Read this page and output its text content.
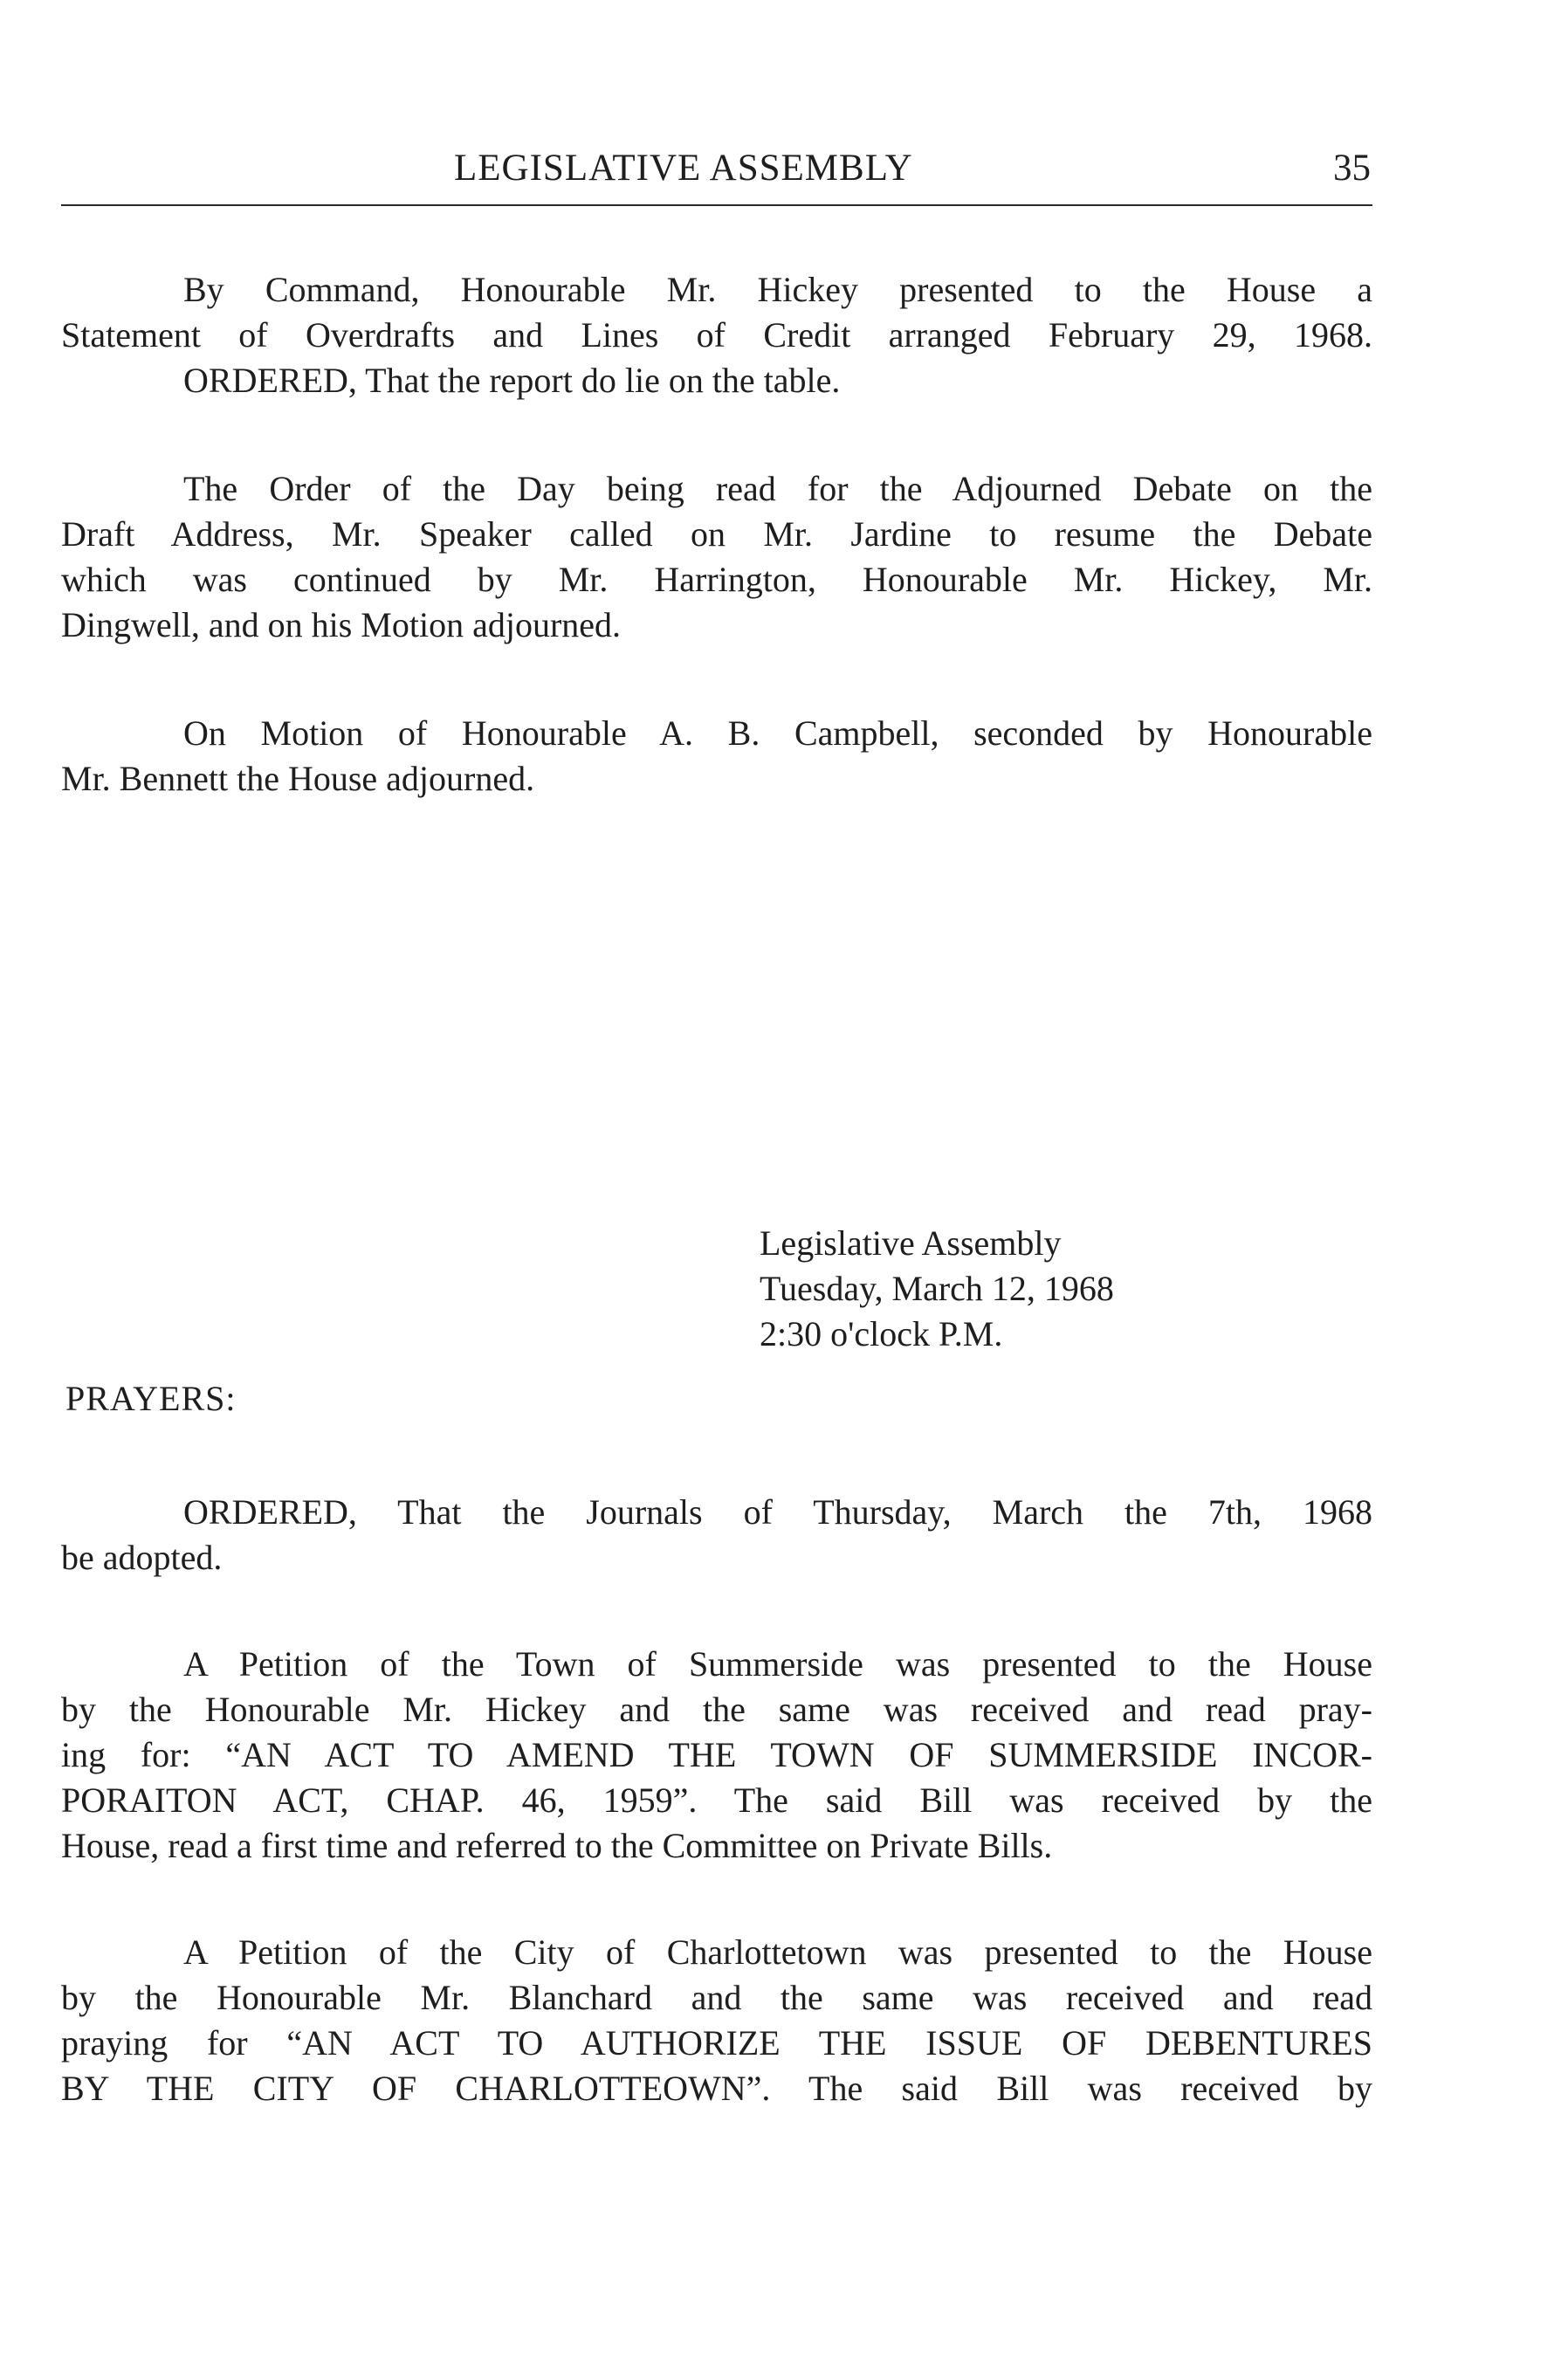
LEGISLATIVE ASSEMBLY	35
By Command, Honourable Mr. Hickey presented to the House a
Statement of Overdrafts and Lines of Credit arranged February 29, 1968.
ORDERED, That the report do lie on the table.
The Order of the Day being read for the Adjourned Debate on the
Draft Address, Mr. Speaker called on Mr. Jardine to resume the Debate
which was continued by Mr. Harrington, Honourable Mr. Hickey, Mr.
Dingwell, and on his Motion adjourned.
On Motion of Honourable A. B. Campbell, seconded by Honourable
Mr. Bennett the House adjourned.
Legislative Assembly
Tuesday, March 12, 1968
2:30 o'clock P.M.
PRAYERS:
ORDERED, That the Journals of Thursday, March the 7th, 1968
be adopted.
A Petition of the Town of Summerside was presented to the House
by the Honourable Mr. Hickey and the same was received and read pray-
ing for: “AN ACT TO AMEND THE TOWN OF SUMMERSIDE INCOR-
PORAITON ACT, CHAP. 46, 1959”. The said Bill was received by the
House, read a first time and referred to the Committee on Private Bills.
A Petition of the City of Charlottetown was presented to the House
by the Honourable Mr. Blanchard and the same was received and read
praying for “AN ACT TO AUTHORIZE THE ISSUE OF DEBENTURES
BY THE CITY OF CHARLOTTEOWN”. The said Bill was received by
